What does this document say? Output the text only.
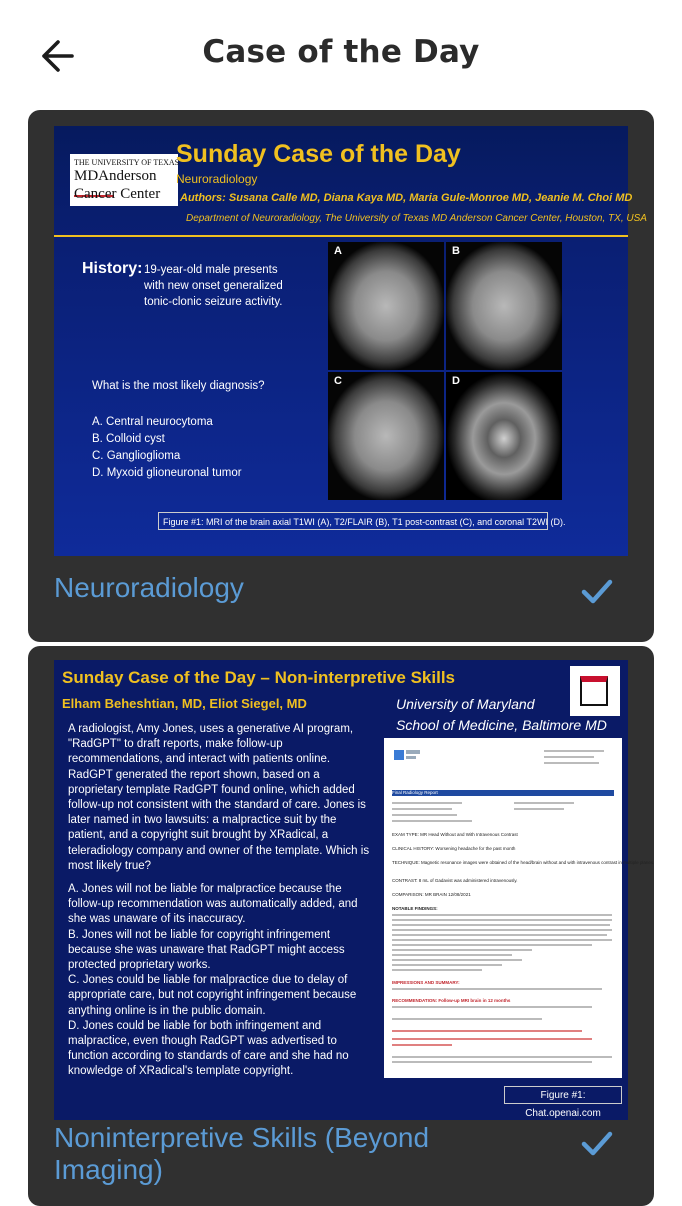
Case of the Day
THE UNIVERSITY OF TEXAS
MDAnderson
Cancer Center
Sunday Case of the Day
Neuroradiology
Authors: Susana Calle MD, Diana Kaya MD, Maria Gule-Monroe MD, Jeanie M. Choi MD
Department of Neuroradiology, The University of Texas MD Anderson Cancer Center, Houston, TX, USA
History: 19-year-old male presents with new onset generalized tonic-clonic seizure activity.
What is the most likely diagnosis?
A. Central neurocytoma
B. Colloid cyst
C. Ganglioglioma
D. Myxoid glioneuronal tumor
A	B
C	D
Figure #1: MRI of the brain axial T1WI (A), T2/FLAIR (B), T1 post-contrast (C), and coronal T2WI (D).
Neuroradiology
Sunday Case of the Day – Non-interpretive Skills
Elham Beheshtian, MD, Eliot Siegel, MD	University of Maryland
School of Medicine, Baltimore MD
A radiologist, Amy Jones, uses a generative AI program, "RadGPT" to draft reports, make follow-up recommendations, and interact with patients online. RadGPT generated the report shown, based on a proprietary template RadGPT found online, which added follow-up not consistent with the standard of care. Jones is later named in two lawsuits: a malpractice suit by the patient, and a copyright suit brought by XRadical, a teleradiology company and owner of the template. Which is most likely true?

A. Jones will not be liable for malpractice because the follow-up recommendation was automatically added, and she was unaware of its inaccuracy.

B. Jones will not be liable for copyright infringement because she was unaware that RadGPT might access protected proprietary works.

C. Jones could be liable for malpractice due to delay of appropriate care, but not copyright infringement because anything online is in the public domain.

D. Jones could be liable for both infringement and malpractice, even though RadGPT was advertised to function according to standards of care and she had no knowledge of XRadical's template copyright.

Final Radiology Report
EXAM TYPE: MR Head Without and With Intravenous Contrast
CLINICAL HISTORY: Worsening headache for the past month
TECHNIQUE: Magnetic resonance images were obtained of the head/brain without and with intravenous contrast in multiple planes.
CONTRAST: 8 mL of Gadavist was administered intravenously.
COMPARISON: MR BRAIN 12/08/2021
NOTABLE FINDINGS:
IMPRESSIONS AND SUMMARY:
RECOMMENDATION: Follow-up MRI brain in 12 months
Figure #1: Chat.openai.com
Noninterpretive Skills (Beyond Imaging)
